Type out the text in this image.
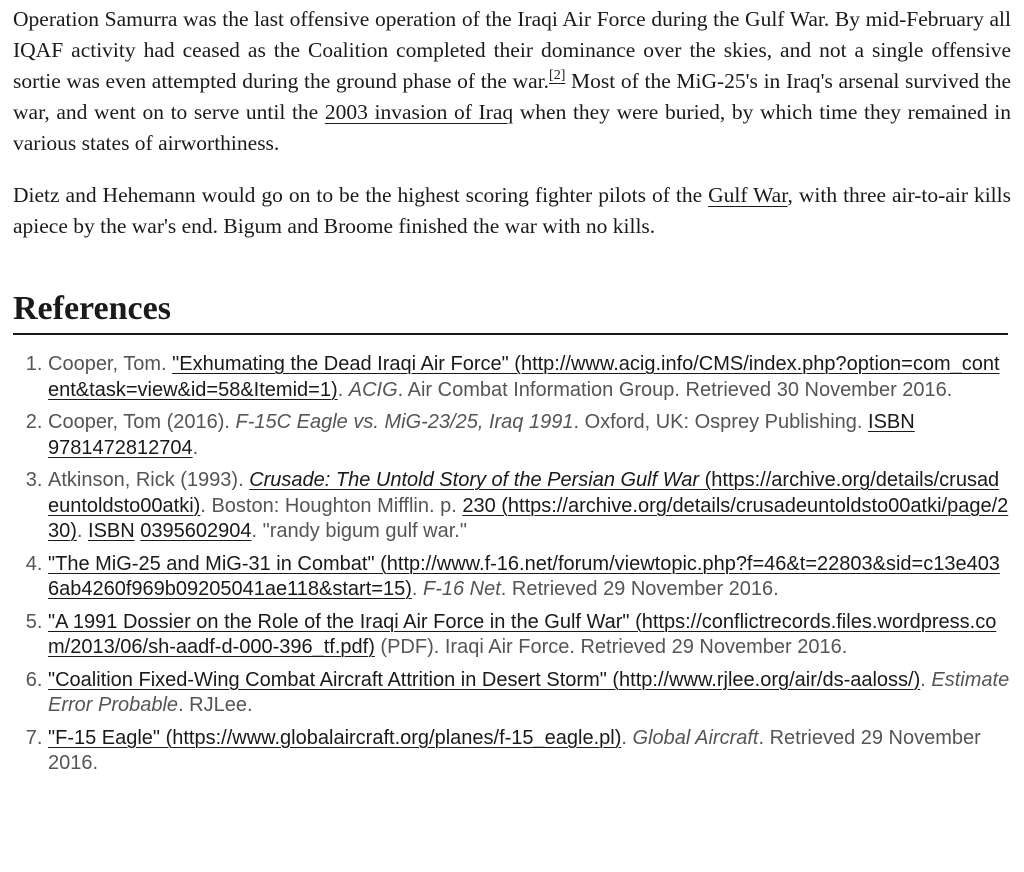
Operation Samurra was the last offensive operation of the Iraqi Air Force during the Gulf War. By mid-February all IQAF activity had ceased as the Coalition completed their dominance over the skies, and not a single offensive sortie was even attempted during the ground phase of the war.[2] Most of the MiG-25's in Iraq's arsenal survived the war, and went on to serve until the 2003 invasion of Iraq when they were buried, by which time they remained in various states of airworthiness.

Dietz and Hehemann would go on to be the highest scoring fighter pilots of the Gulf War, with three air-to-air kills apiece by the war's end. Bigum and Broome finished the war with no kills.

References
1. Cooper, Tom. "Exhumating the Dead Iraqi Air Force" (http://www.acig.info/CMS/index.php?option=com_content&task=view&id=58&Itemid=1). ACIG. Air Combat Information Group. Retrieved 30 November 2016.
2. Cooper, Tom (2016). F-15C Eagle vs. MiG-23/25, Iraq 1991. Oxford, UK: Osprey Publishing. ISBN 9781472812704.
3. Atkinson, Rick (1993). Crusade: The Untold Story of the Persian Gulf War (https://archive.org/details/crusadeuntoldsto00atki). Boston: Houghton Mifflin. p. 230 (https://archive.org/details/crusadeuntoldsto00atki/page/230). ISBN 0395602904. "randy bigum gulf war."
4. "The MiG-25 and MiG-31 in Combat" (http://www.f-16.net/forum/viewtopic.php?f=46&t=22803&sid=c13e4036ab4260f969b09205041ae118&start=15). F-16 Net. Retrieved 29 November 2016.
5. "A 1991 Dossier on the Role of the Iraqi Air Force in the Gulf War" (https://conflictrecords.files.wordpress.com/2013/06/sh-aadf-d-000-396_tf.pdf) (PDF). Iraqi Air Force. Retrieved 29 November 2016.
6. "Coalition Fixed-Wing Combat Aircraft Attrition in Desert Storm" (http://www.rjlee.org/air/ds-aaloss/). Estimate Error Probable. RJLee.
7. "F-15 Eagle" (https://www.globalaircraft.org/planes/f-15_eagle.pl). Global Aircraft. Retrieved 29 November 2016.
